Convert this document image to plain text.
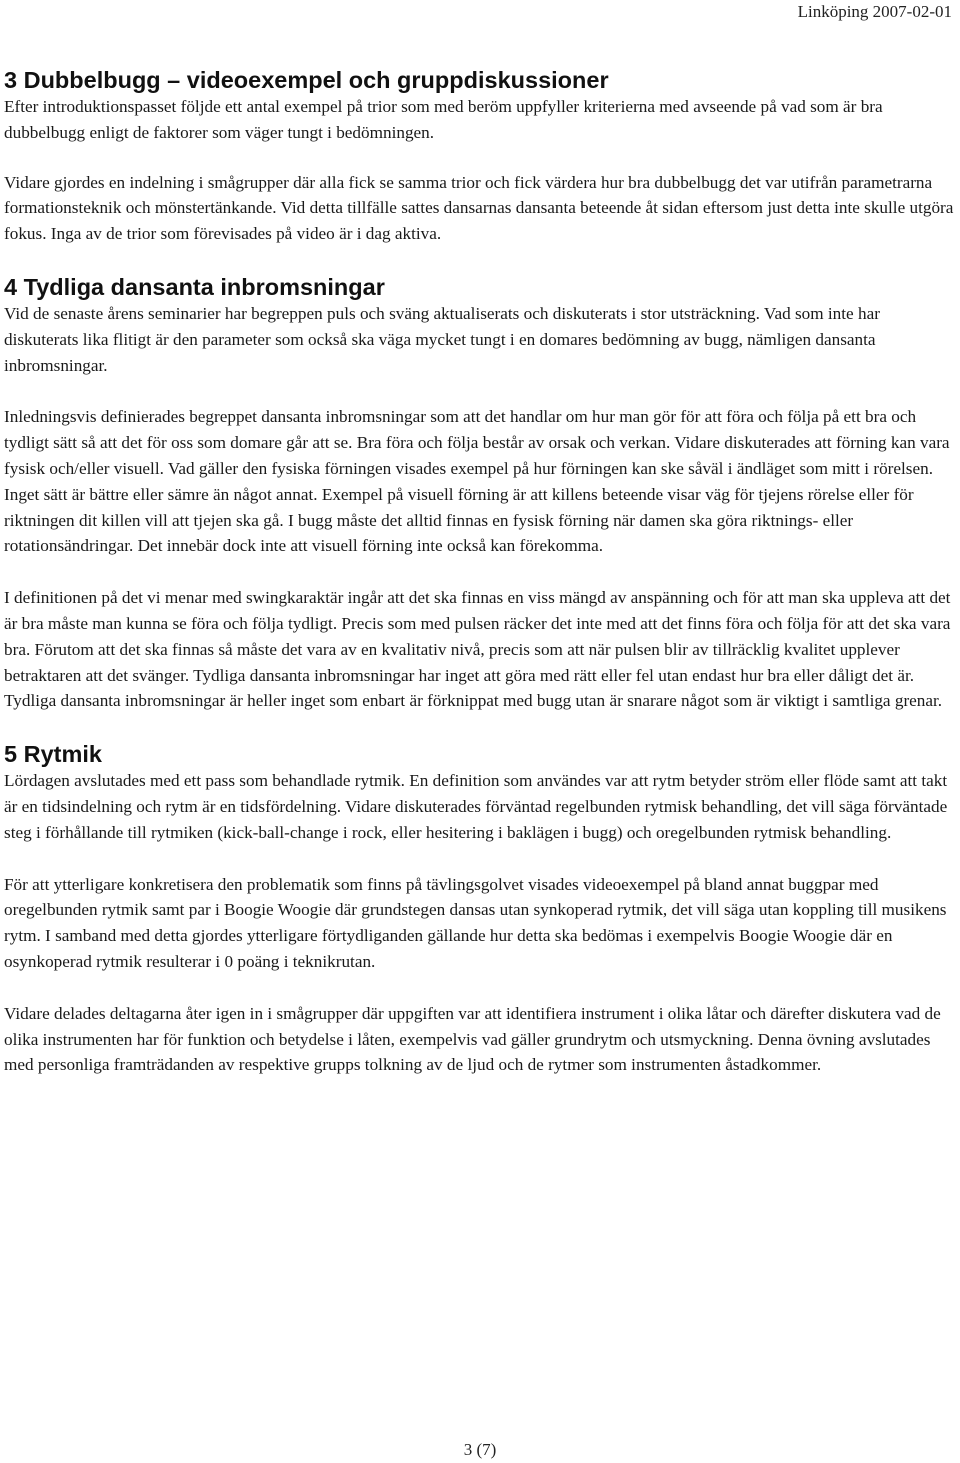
Linköping 2007-02-01
3 Dubbelbugg – videoexempel och gruppdiskussioner

Efter introduktionspasset följde ett antal exempel på trior som med beröm uppfyller kriterierna med avseende på vad som är bra dubbelbugg enligt de faktorer som väger tungt i bedömningen.

Vidare gjordes en indelning i smågrupper där alla fick se samma trior och fick värdera hur bra dubbelbugg det var utifrån parametrarna formationsteknik och mönstertänkande. Vid detta tillfälle sattes dansarnas dansanta beteende åt sidan eftersom just detta inte skulle utgöra fokus. Inga av de trior som förevisades på video är i dag aktiva.

4 Tydliga dansanta inbromsningar

Vid de senaste årens seminarier har begreppen puls och sväng aktualiserats och diskuterats i stor utsträckning. Vad som inte har diskuterats lika flitigt är den parameter som också ska väga mycket tungt i en domares bedömning av bugg, nämligen dansanta inbromsningar.

Inledningsvis definierades begreppet dansanta inbromsningar som att det handlar om hur man gör för att föra och följa på ett bra och tydligt sätt så att det för oss som domare går att se. Bra föra och följa består av orsak och verkan. Vidare diskuterades att förning kan vara fysisk och/eller visuell. Vad gäller den fysiska förningen visades exempel på hur förningen kan ske såväl i ändläget som mitt i rörelsen. Inget sätt är bättre eller sämre än något annat. Exempel på visuell förning är att killens beteende visar väg för tjejens rörelse eller för riktningen dit killen vill att tjejen ska gå. I bugg måste det alltid finnas en fysisk förning när damen ska göra riktnings- eller rotationsändringar. Det innebär dock inte att visuell förning inte också kan förekomma.

I definitionen på det vi menar med swingkaraktär ingår att det ska finnas en viss mängd av anspänning och för att man ska uppleva att det är bra måste man kunna se föra och följa tydligt. Precis som med pulsen räcker det inte med att det finns föra och följa för att det ska vara bra. Förutom att det ska finnas så måste det vara av en kvalitativ nivå, precis som att när pulsen blir av tillräcklig kvalitet upplever betraktaren att det svänger. Tydliga dansanta inbromsningar har inget att göra med rätt eller fel utan endast hur bra eller dåligt det är. Tydliga dansanta inbromsningar är heller inget som enbart är förknippat med bugg utan är snarare något som är viktigt i samtliga grenar.

5 Rytmik

Lördagen avslutades med ett pass som behandlade rytmik. En definition som användes var att rytm betyder ström eller flöde samt att takt är en tidsindelning och rytm är en tidsfördelning. Vidare diskuterades förväntad regelbunden rytmisk behandling, det vill säga förväntade steg i förhållande till rytmiken (kick-ball-change i rock, eller hesitering i baklägen i bugg) och oregelbunden rytmisk behandling.

För att ytterligare konkretisera den problematik som finns på tävlingsgolvet visades videoexempel på bland annat buggpar med oregelbunden rytmik samt par i Boogie Woogie där grundstegen dansas utan synkoperad rytmik, det vill säga utan koppling till musikens rytm. I samband med detta gjordes ytterligare förtydliganden gällande hur detta ska bedömas i exempelvis Boogie Woogie där en osynkoperad rytmik resulterar i 0 poäng i teknikrutan.

Vidare delades deltagarna åter igen in i smågrupper där uppgiften var att identifiera instrument i olika låtar och därefter diskutera vad de olika instrumenten har för funktion och betydelse i låten, exempelvis vad gäller grundrytm och utsmyckning. Denna övning avslutades med personliga framträdanden av respektive grupps tolkning av de ljud och de rytmer som instrumenten åstadkommer.

3 (7)
